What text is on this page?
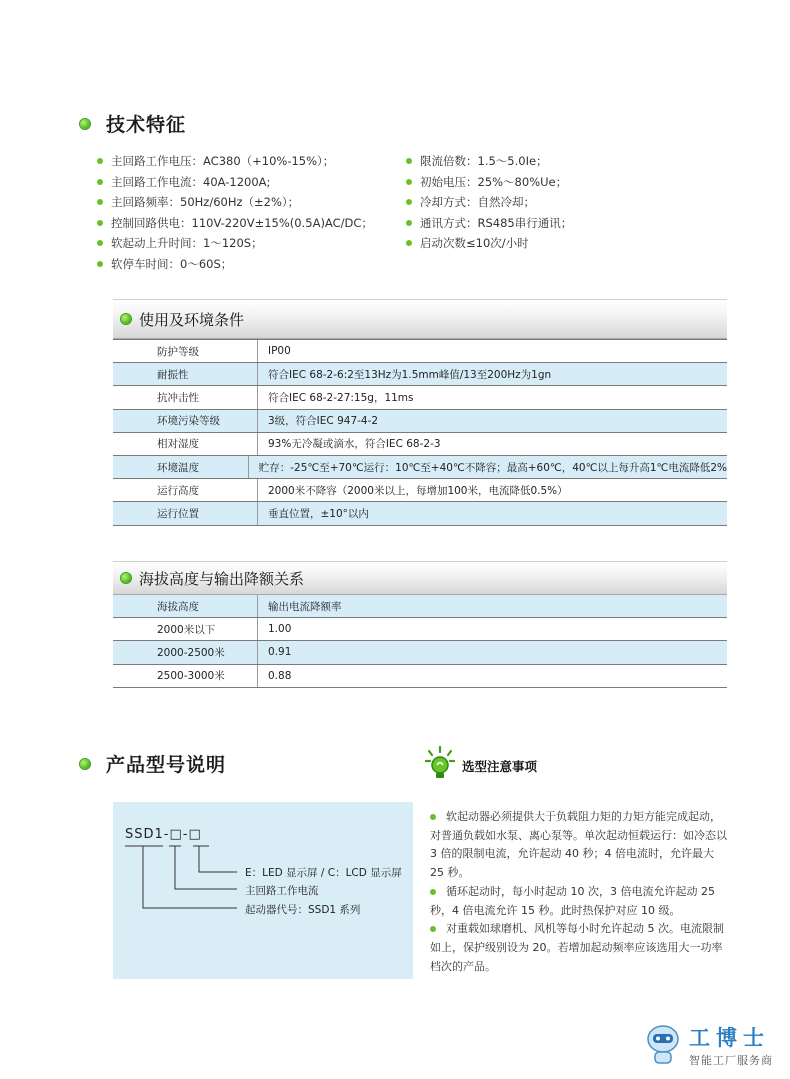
技术特征
主回路工作电压：AC380（+10%-15%）；
主回路工作电流：40A-1200A;
主回路频率：50Hz/60Hz（±2%）；
控制回路供电：110V-220V±15%(0.5A)AC/DC；
软起动上升时间：1～120S；
软停车时间：0～60S；
限流倍数：1.5～5.0Ie；
初始电压：25%～80%Ue；
冷却方式：自然冷却；
通讯方式：RS485串行通讯；
启动次数≤10次/小时
使用及环境条件
防护等级	IP00
耐振性	符合IEC 68-2-6:2至13Hz为1.5mm峰值/13至200Hz为1gn
抗冲击性	符合IEC 68-2-27:15g，11ms
环境污染等级	3级，符合IEC 947-4-2
相对湿度	93%无冷凝或滴水，符合IEC 68-2-3
环境温度	贮存：-25℃至+70℃运行：10℃至+40℃不降容；最高+60℃，40℃以上每升高1℃电流降低2%
运行高度	2000米不降容（2000米以上，每增加100米，电流降低0.5%）
运行位置	垂直位置，±10°以内
海拔高度与输出降额关系
海拔高度	输出电流降额率
2000米以下	1.00
2000-2500米	0.91
2500-3000米	0.88
产品型号说明
SSD1-□-□
E：LED 显示屏 / C：LCD 显示屏
主回路工作电流
起动器代号：SSD1 系列
选型注意事项
软起动器必须提供大于负载阻力矩的力矩方能完成起动，对普通负载如水泵、离心泵等。单次起动恒载运行：如冷态以 3 倍的限制电流，允许起动 40 秒；4 倍电流时，允许最大 25 秒。
循环起动时，每小时起动 10 次，3 倍电流允许起动 25 秒，4 倍电流允许 15 秒。此时热保护对应 10 级。
对重载如球磨机、风机等每小时允许起动 5 次。电流限制如上，保护级别设为 20。若增加起动频率应该选用大一功率档次的产品。
工博士
智能工厂服务商
